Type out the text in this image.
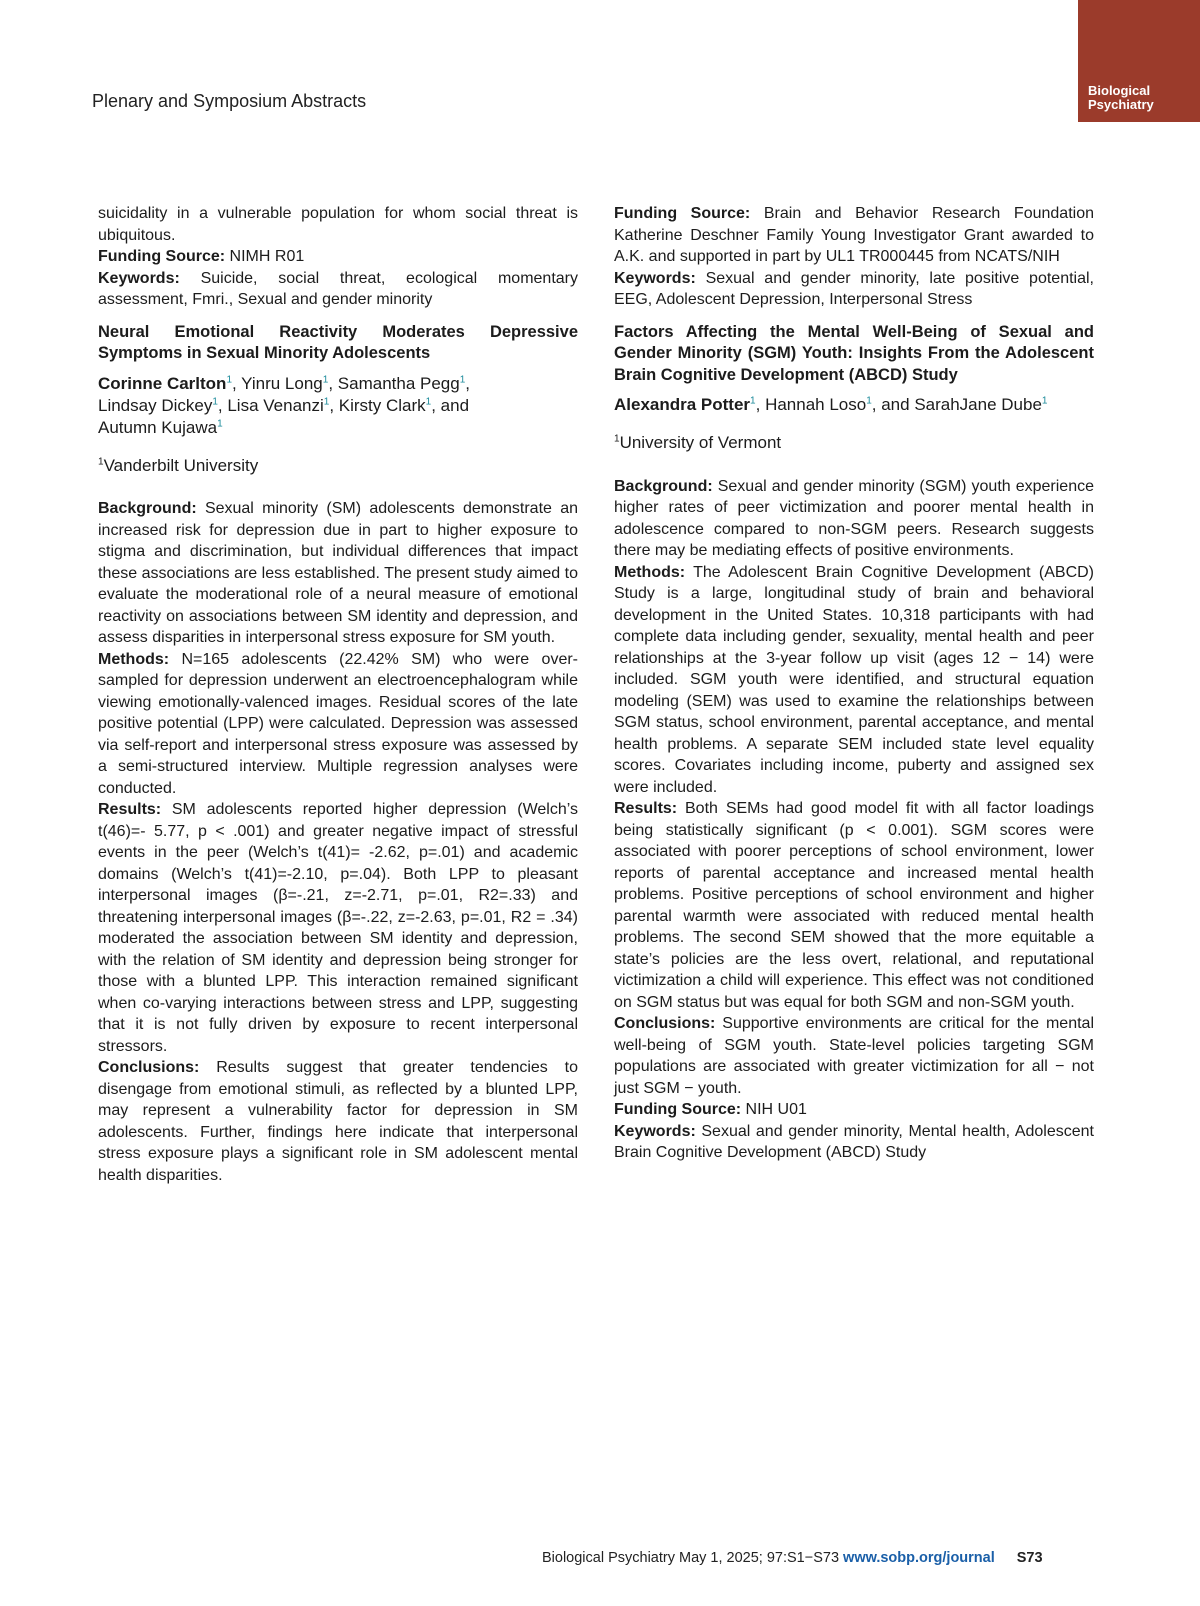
Plenary and Symposium Abstracts
Biological
Psychiatry

suicidality in a vulnerable population for whom social threat is ubiquitous.

Funding Source: NIMH R01

Keywords: Suicide, social threat, ecological momentary assessment, Fmri., Sexual and gender minority

Neural Emotional Reactivity Moderates Depressive Symptoms in Sexual Minority Adolescents

Corinne Carlton$^1$, Yinru Long$^1$, Samantha Pegg$^1$,
Lindsay Dickey$^1$, Lisa Venanzi$^1$, Kirsty Clark$^1$, and
Autumn Kujawa$^1$

$^1$Vanderbilt University

Background: Sexual minority (SM) adolescents demonstrate an increased risk for depression due in part to higher exposure to stigma and discrimination, but individual differences that impact these associations are less established. The present study aimed to evaluate the moderational role of a neural measure of emotional reactivity on associations between SM identity and depression, and assess disparities in interpersonal stress exposure for SM youth.

Methods: N=165 adolescents (22.42% SM) who were over-sampled for depression underwent an electroencephalogram while viewing emotionally-valenced images. Residual scores of the late positive potential (LPP) were calculated. Depression was assessed via self-report and interpersonal stress exposure was assessed by a semi-structured interview. Multiple regression analyses were conducted.

Results: SM adolescents reported higher depression (Welch’s t(46)=- 5.77, p < .001) and greater negative impact of stressful events in the peer (Welch’s t(41)= -2.62, p=.01) and academic domains (Welch’s t(41)=-2.10, p=.04). Both LPP to pleasant interpersonal images (β=-.21, z=-2.71, p=.01, R2=.33) and threatening interpersonal images (β=-.22, z=-2.63, p=.01, R2 = .34) moderated the association between SM identity and depression, with the relation of SM identity and depression being stronger for those with a blunted LPP. This interaction remained significant when co-varying interactions between stress and LPP, suggesting that it is not fully driven by exposure to recent interpersonal stressors.

Conclusions: Results suggest that greater tendencies to disengage from emotional stimuli, as reflected by a blunted LPP, may represent a vulnerability factor for depression in SM adolescents. Further, findings here indicate that interpersonal stress exposure plays a significant role in SM adolescent mental health disparities.

Funding Source: Brain and Behavior Research Foundation Katherine Deschner Family Young Investigator Grant awarded to A.K. and supported in part by UL1 TR000445 from NCATS/NIH

Keywords: Sexual and gender minority, late positive potential, EEG, Adolescent Depression, Interpersonal Stress

Factors Affecting the Mental Well-Being of Sexual and Gender Minority (SGM) Youth: Insights From the Adolescent Brain Cognitive Development (ABCD) Study

Alexandra Potter$^1$, Hannah Loso$^1$, and SarahJane Dube$^1$

$^1$University of Vermont

Background: Sexual and gender minority (SGM) youth experience higher rates of peer victimization and poorer mental health in adolescence compared to non-SGM peers. Research suggests there may be mediating effects of positive environments.

Methods: The Adolescent Brain Cognitive Development (ABCD) Study is a large, longitudinal study of brain and behavioral development in the United States. 10,318 participants with had complete data including gender, sexuality, mental health and peer relationships at the 3-year follow up visit (ages 12 − 14) were included. SGM youth were identified, and structural equation modeling (SEM) was used to examine the relationships between SGM status, school environment, parental acceptance, and mental health problems. A separate SEM included state level equality scores. Covariates including income, puberty and assigned sex were included.

Results: Both SEMs had good model fit with all factor loadings being statistically significant (p < 0.001). SGM scores were associated with poorer perceptions of school environment, lower reports of parental acceptance and increased mental health problems. Positive perceptions of school environment and higher parental warmth were associated with reduced mental health problems. The second SEM showed that the more equitable a state’s policies are the less overt, relational, and reputational victimization a child will experience. This effect was not conditioned on SGM status but was equal for both SGM and non-SGM youth.

Conclusions: Supportive environments are critical for the mental well-being of SGM youth. State-level policies targeting SGM populations are associated with greater victimization for all − not just SGM − youth.

Funding Source: NIH U01

Keywords: Sexual and gender minority, Mental health, Adolescent Brain Cognitive Development (ABCD) Study

Biological Psychiatry May 1, 2025; 97:S1−S73 www.sobp.org/journal S73
